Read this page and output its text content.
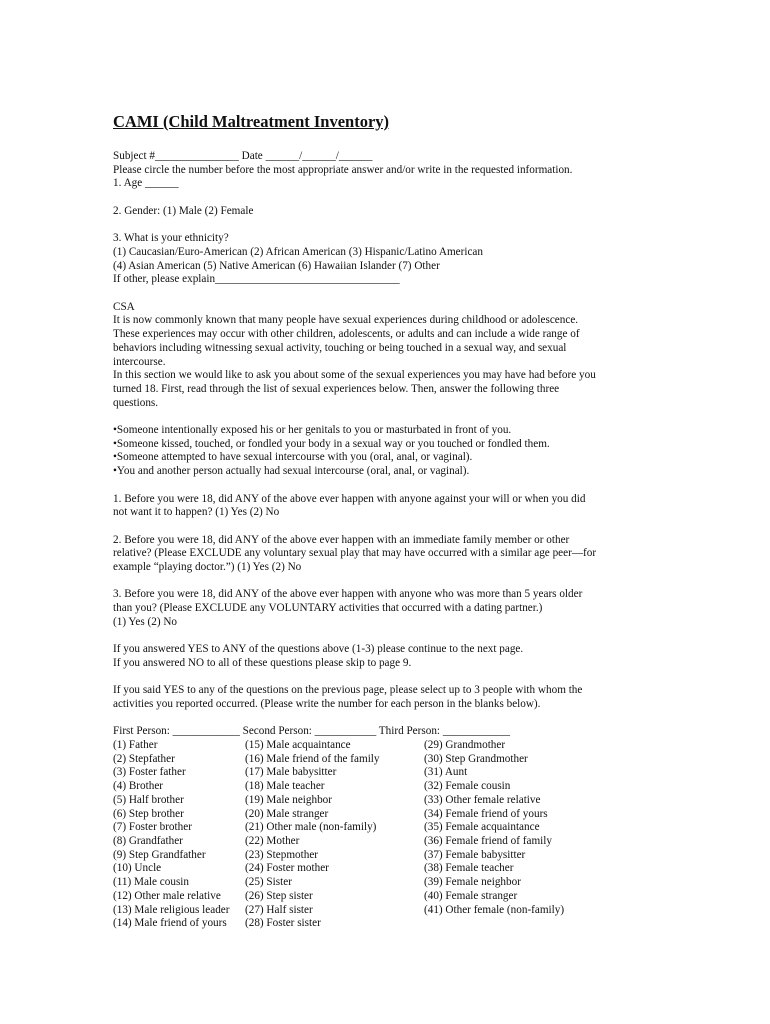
CAMI (Child Maltreatment Inventory)
Subject #_______________ Date ______/______/______
Please circle the number before the most appropriate answer and/or write in the requested information.
1. Age ______
2. Gender: (1) Male (2) Female
3. What is your ethnicity?
(1) Caucasian/Euro-American (2) African American (3) Hispanic/Latino American
(4) Asian American (5) Native American (6) Hawaiian Islander (7) Other
If other, please explain_________________________________
CSA
It is now commonly known that many people have sexual experiences during childhood or adolescence.
These experiences may occur with other children, adolescents, or adults and can include a wide range of
behaviors including witnessing sexual activity, touching or being touched in a sexual way, and sexual
intercourse.
In this section we would like to ask you about some of the sexual experiences you may have had before you
turned 18. First, read through the list of sexual experiences below. Then, answer the following three
questions.
• Someone intentionally exposed his or her genitals to you or masturbated in front of you.
• Someone kissed, touched, or fondled your body in a sexual way or you touched or fondled them.
• Someone attempted to have sexual intercourse with you (oral, anal, or vaginal).
• You and another person actually had sexual intercourse (oral, anal, or vaginal).
1. Before you were 18, did ANY of the above ever happen with anyone against your will or when you did
not want it to happen? (1) Yes (2) No
2. Before you were 18, did ANY of the above ever happen with an immediate family member or other
relative? (Please EXCLUDE any voluntary sexual play that may have occurred with a similar age peer—for
example “playing doctor.”) (1) Yes (2) No
3. Before you were 18, did ANY of the above ever happen with anyone who was more than 5 years older
than you? (Please EXCLUDE any VOLUNTARY activities that occurred with a dating partner.)
(1) Yes (2) No
If you answered YES to ANY of the questions above (1-3) please continue to the next page.
If you answered NO to all of these questions please skip to page 9.
If you said YES to any of the questions on the previous page, please select up to 3 people with whom the
activities you reported occurred. (Please write the number for each person in the blanks below).
First Person: ____________ Second Person: ___________ Third Person: ____________
(1) Father
(2) Stepfather
(3) Foster father
(4) Brother
(5) Half brother
(6) Step brother
(7) Foster brother
(8) Grandfather
(9) Step Grandfather
(10) Uncle
(11) Male cousin
(12) Other male relative
(13) Male religious leader
(14) Male friend of yours
(15) Male acquaintance
(16) Male friend of the family
(17) Male babysitter
(18) Male teacher
(19) Male neighbor
(20) Male stranger
(21) Other male (non-family)
(22) Mother
(23) Stepmother
(24) Foster mother
(25) Sister
(26) Step sister
(27) Half sister
(28) Foster sister
(29) Grandmother
(30) Step Grandmother
(31) Aunt
(32) Female cousin
(33) Other female relative
(34) Female friend of yours
(35) Female acquaintance
(36) Female friend of family
(37) Female babysitter
(38) Female teacher
(39) Female neighbor
(40) Female stranger
(41) Other female (non-family)
